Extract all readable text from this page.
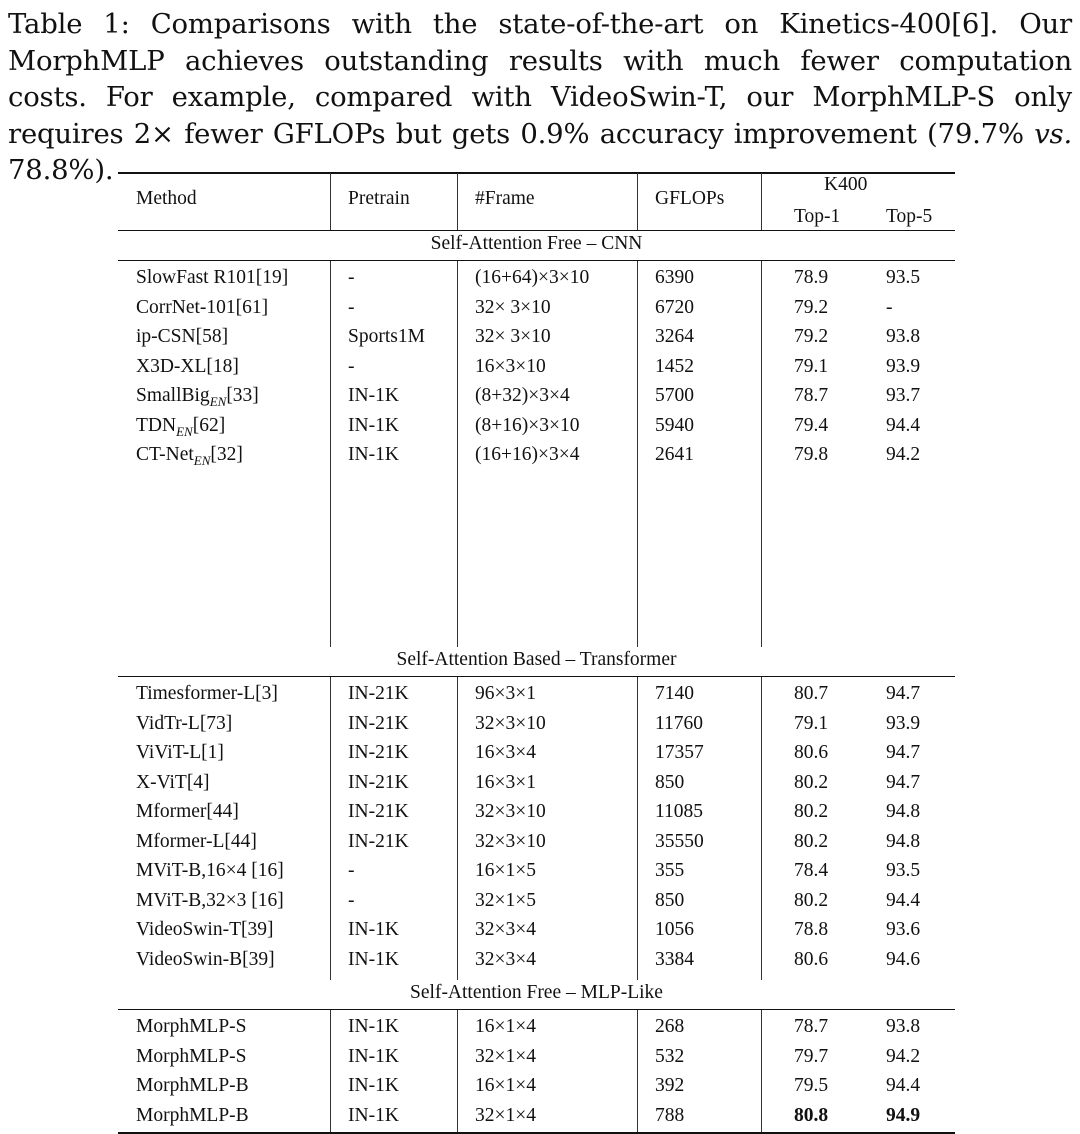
Table 1: Comparisons with the state-of-the-art on Kinetics-400[6]. Our MorphMLP achieves outstanding results with much fewer computation costs. For example, compared with VideoSwin-T, our MorphMLP-S only requires 2× fewer GFLOPs but gets 0.9% accuracy improvement (79.7% vs. 78.8%).
Method	Pretrain	#Frame	GFLOPs
K400
Top-1 Top-5
Self-Attention Free – CNN
SlowFast R101[19]	-	(16+64)×3×10	6390	78.9	93.5
CorrNet-101[61]	-	32× 3×10	6720	79.2	-
ip-CSN[58]	Sports1M	32× 3×10	3264	79.2	93.8
X3D-XL[18]	-	16×3×10	1452	79.1	93.9
SmallBig$_{EN}$[33]	IN-1K	(8+32)×3×4	5700	78.7	93.7
$TDN_{EN}[62]$	IN-1K	(8+16)×3×10	5940	79.4	94.4
CT-Net$_{EN}$[32]	IN-1K	(16+16)×3×4	2641	79.8	94.2
Self-Attention Based – Transformer
Timesformer-L[3]	IN-21K	96×3×1	7140	80.7	94.7
VidTr-L[73]	IN-21K	32×3×10	11760	79.1	93.9
ViViT-L[1]	IN-21K	16×3×4	17357	80.6	94.7
X-ViT[4]	IN-21K	16×3×1	850	80.2	94.7
Mformer[44]	IN-21K	32×3×10	11085	80.2	94.8
Mformer-L[44]	IN-21K	32×3×10	35550	80.2	94.8
MViT-B,16×4 [16]	-	16×1×5	355	78.4	93.5
MViT-B,32×3 [16]	-	32×1×5	850	80.2	94.4
VideoSwin-T[39]	IN-1K	32×3×4	1056	78.8	93.6
VideoSwin-B[39]	IN-1K	32×3×4	3384	80.6	94.6
Self-Attention Free – MLP-Like
MorphMLP-S	IN-1K	16×1×4	268	78.7	93.8
MorphMLP-S	IN-1K	32×1×4	532	79.7	94.2
MorphMLP-B	IN-1K	16×1×4	392	79.5	94.4
MorphMLP-B	IN-1K	32×1×4	788	80.8	94.9
